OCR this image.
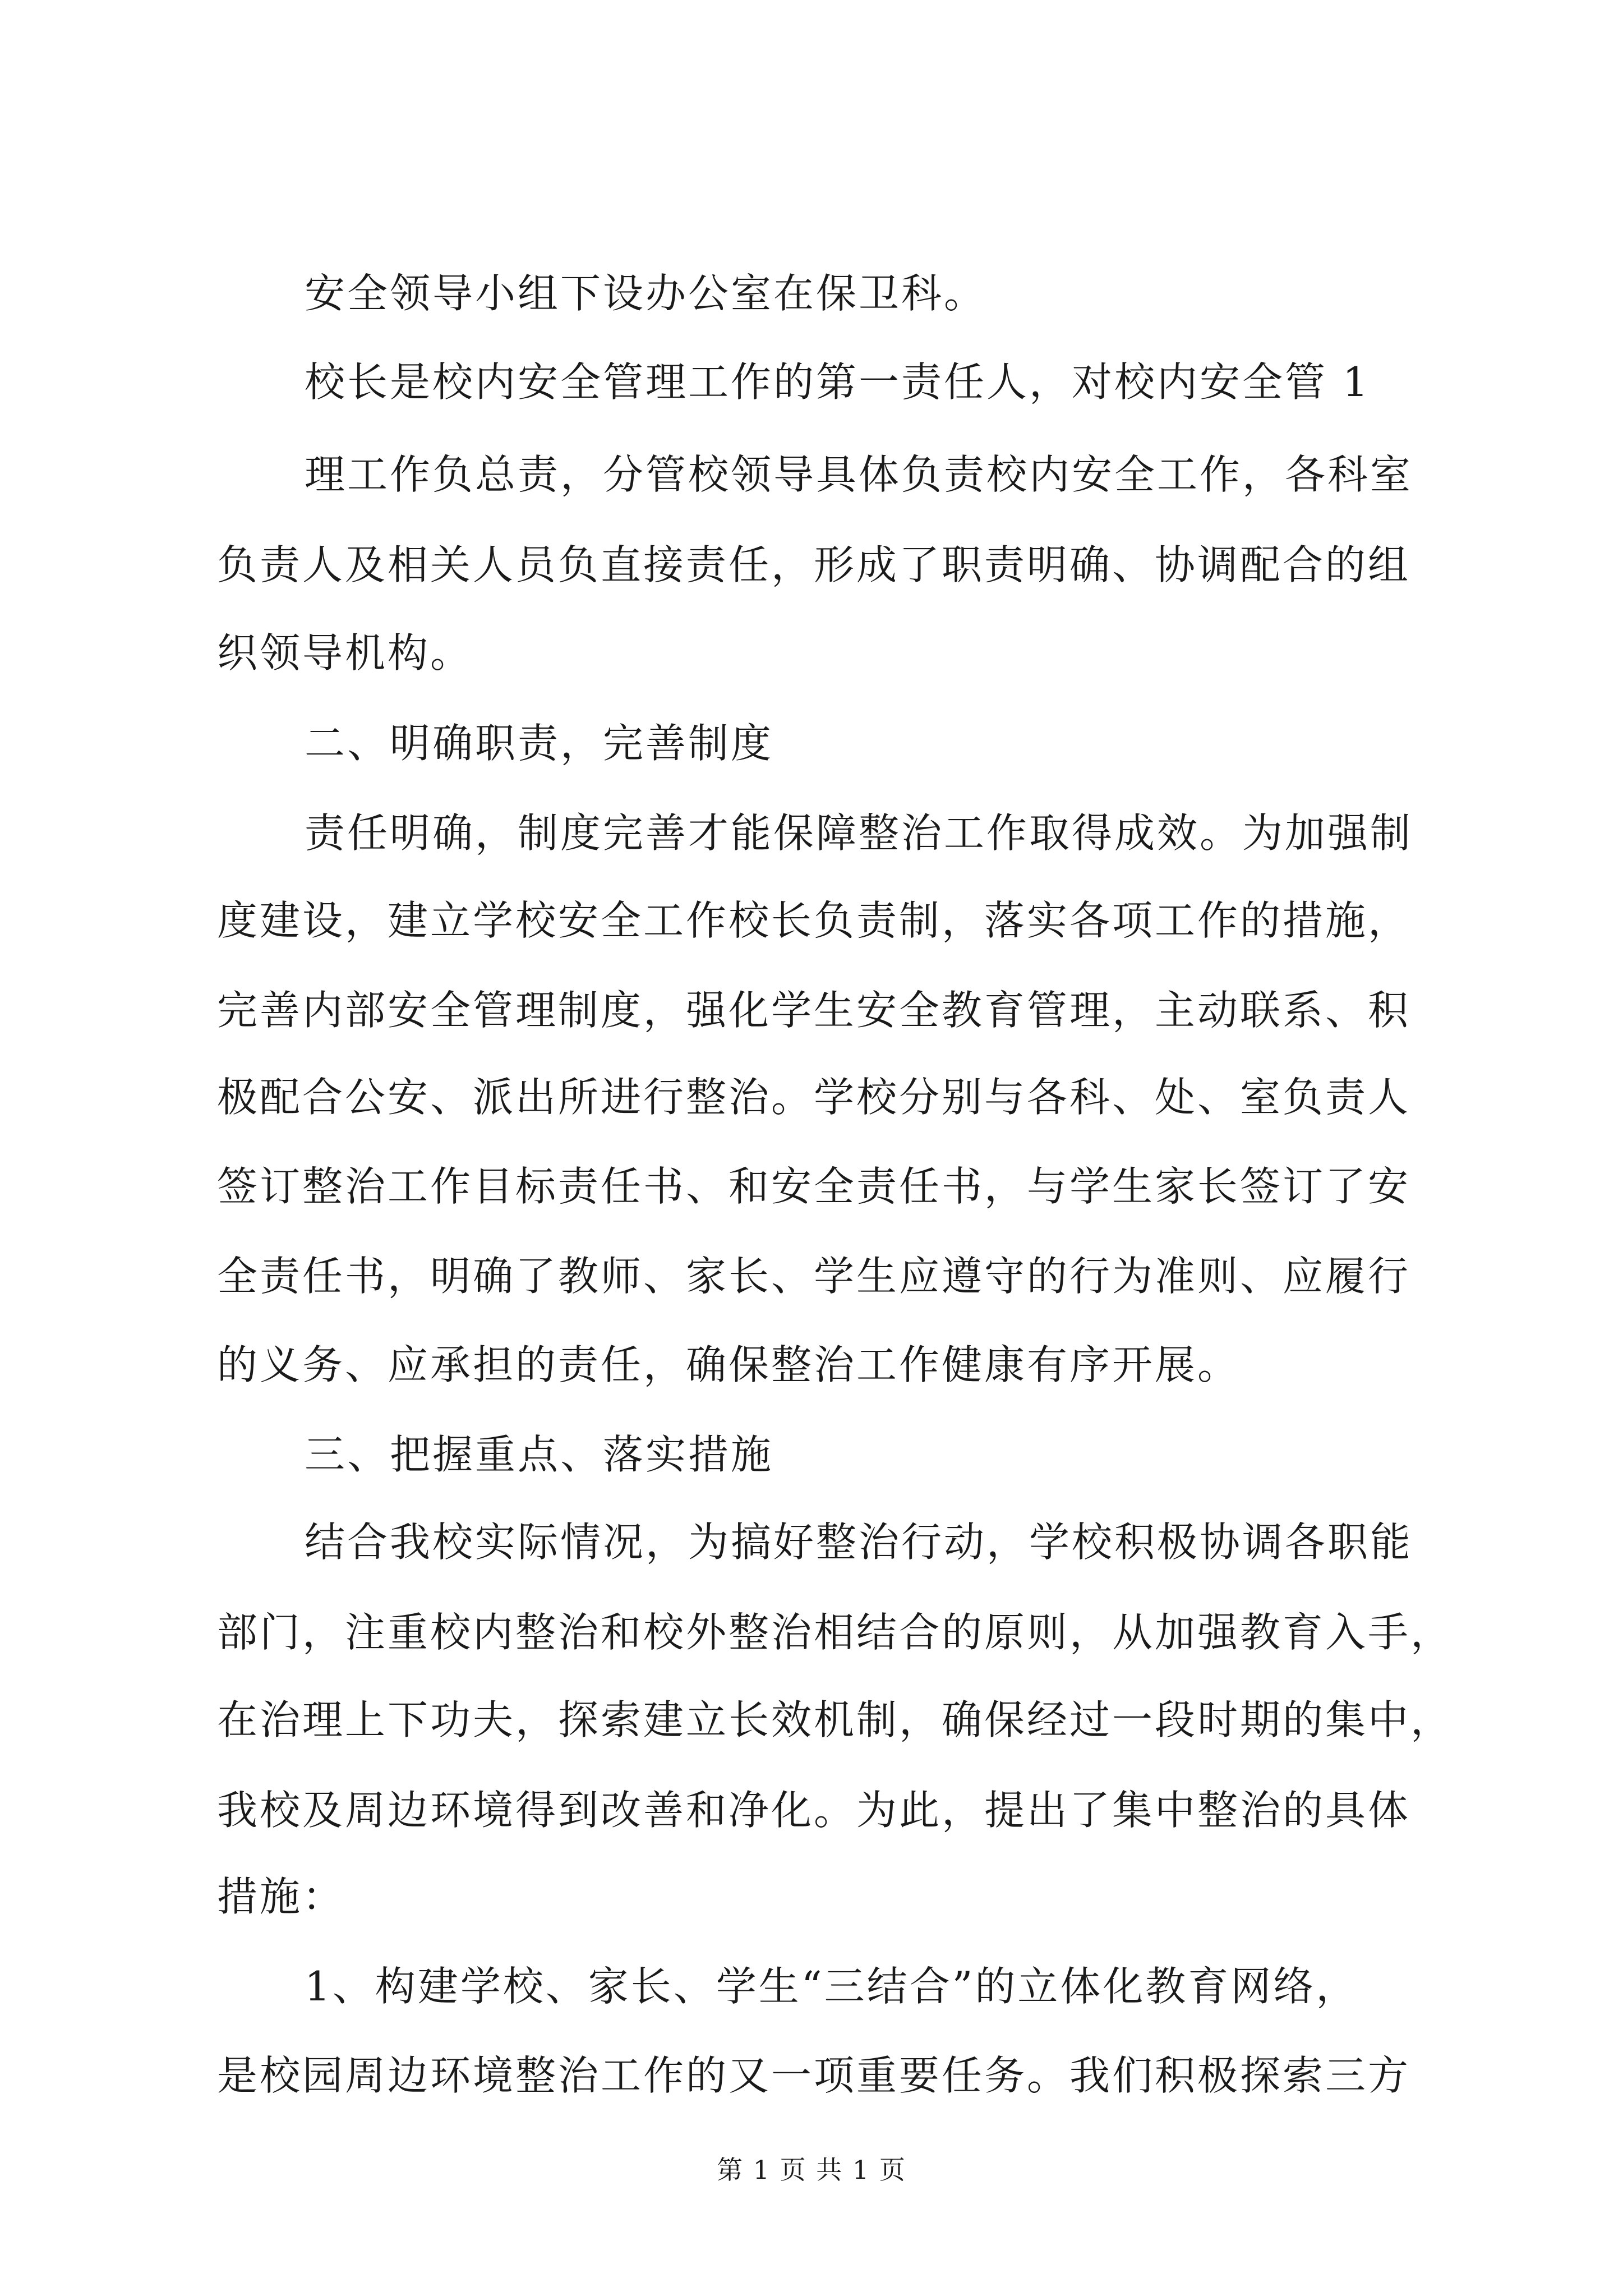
安全领导小组下设办公室在保卫科。
校长是校内安全管理工作的第一责任人，对校内安全管 1
理工作负总责，分管校领导具体负责校内安全工作，各科室
负责人及相关人员负直接责任，形成了职责明确、协调配合的组
织领导机构。
二、明确职责，完善制度
责任明确，制度完善才能保障整治工作取得成效。为加强制
度建设，建立学校安全工作校长负责制，落实各项工作的措施，
完善内部安全管理制度，强化学生安全教育管理，主动联系、积
极配合公安、派出所进行整治。学校分别与各科、处、室负责人
签订整治工作目标责任书、和安全责任书，与学生家长签订了安
全责任书，明确了教师、家长、学生应遵守的行为准则、应履行
的义务、应承担的责任，确保整治工作健康有序开展。
三、把握重点、落实措施
结合我校实际情况，为搞好整治行动，学校积极协调各职能
部门，注重校内整治和校外整治相结合的原则，从加强教育入手，
在治理上下功夫，探索建立长效机制，确保经过一段时期的集中，
我校及周边环境得到改善和净化。为此，提出了集中整治的具体
措施：
1、构建学校、家长、学生“三结合”的立体化教育网络，
是校园周边环境整治工作的又一项重要任务。我们积极探索三方
第 1 页 共 1 页
